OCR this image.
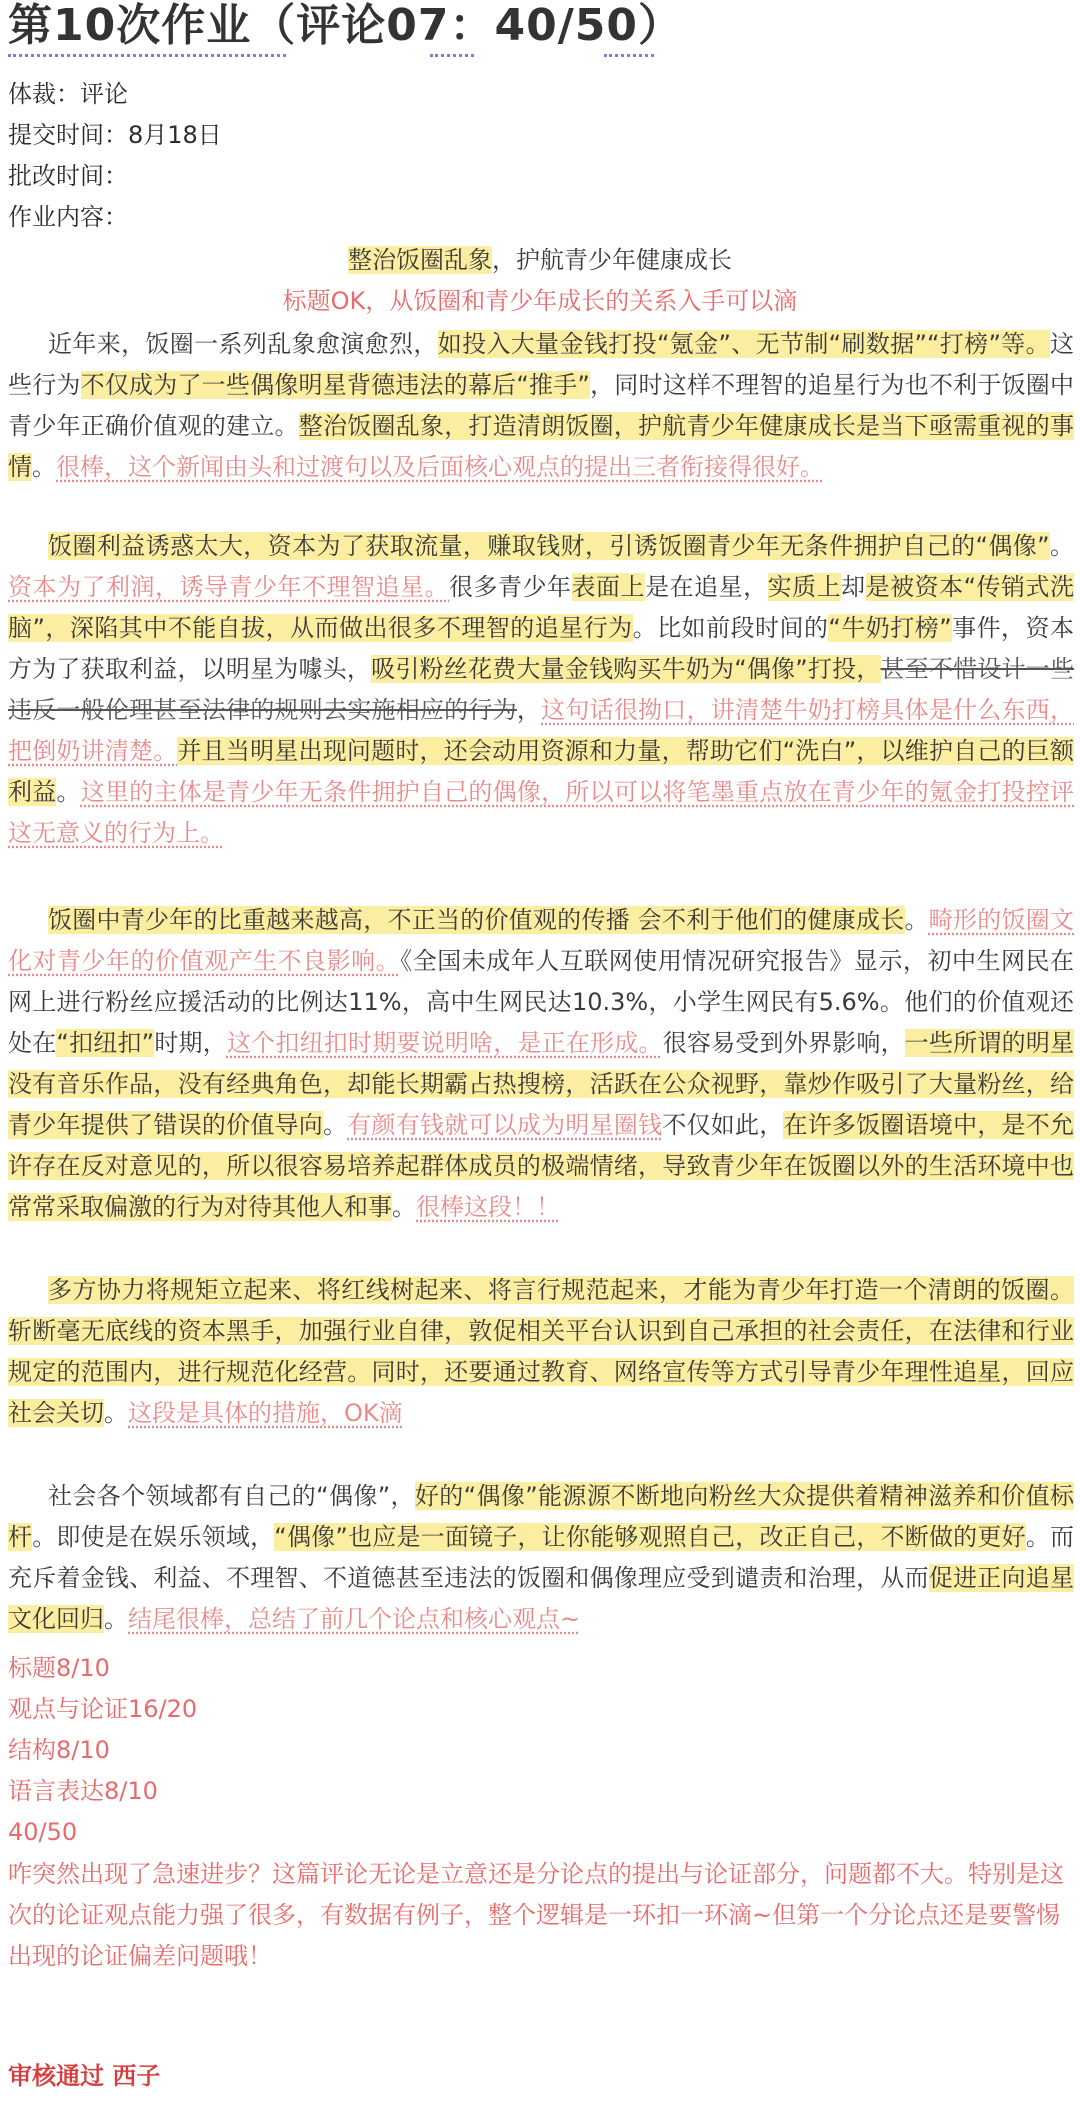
第10次作业（评论07：40/50）
体裁：评论
提交时间：8月18日
批改时间：
作业内容：
整治饭圈乱象，护航青少年健康成长
标题OK，从饭圈和青少年成长的关系入手可以滴
近年来，饭圈一系列乱象愈演愈烈，如投入大量金钱打投“氪金”、无节制“刷数据”“打榜”等。这些行为不仅成为了一些偶像明星背德违法的幕后“推手”，同时这样不理智的追星行为也不利于饭圈中青少年正确价值观的建立。整治饭圈乱象，打造清朗饭圈，护航青少年健康成长是当下亟需重视的事情。很棒，这个新闻由头和过渡句以及后面核心观点的提出三者衔接得很好。
饭圈利益诱惑太大，资本为了获取流量，赚取钱财，引诱饭圈青少年无条件拥护自己的“偶像”。资本为了利润，诱导青少年不理智追星。很多青少年表面上是在追星，实质上却是被资本“传销式洗脑”，深陷其中不能自拔，从而做出很多不理智的追星行为。比如前段时间的“牛奶打榜”事件，资本方为了获取利益，以明星为噱头，吸引粉丝花费大量金钱购买牛奶为“偶像”打投，甚至不惜设计一些违反一般伦理甚至法律的规则去实施相应的行为，这句话很拗口，讲清楚牛奶打榜具体是什么东西，把倒奶讲清楚。并且当明星出现问题时，还会动用资源和力量，帮助它们“洗白”，以维护自己的巨额利益。这里的主体是青少年无条件拥护自己的偶像，所以可以将笔墨重点放在青少年的氪金打投控评这无意义的行为上。
饭圈中青少年的比重越来越高，不正当的价值观的传播 会不利于他们的健康成长。畸形的饭圈文化对青少年的价值观产生不良影响。《全国未成年人互联网使用情况研究报告》显示，初中生网民在网上进行粉丝应援活动的比例达11%，高中生网民达10.3%，小学生网民有5.6%。他们的价值观还处在“扣纽扣”时期，这个扣纽扣时期要说明啥，是正在形成。很容易受到外界影响，一些所谓的明星没有音乐作品，没有经典角色，却能长期霸占热搜榜，活跃在公众视野，靠炒作吸引了大量粉丝，给青少年提供了错误的价值导向。有颜有钱就可以成为明星圈钱不仅如此，在许多饭圈语境中，是不允许存在反对意见的，所以很容易培养起群体成员的极端情绪，导致青少年在饭圈以外的生活环境中也常常采取偏激的行为对待其他人和事。很棒这段！！
多方协力将规矩立起来、将红线树起来、将言行规范起来，才能为青少年打造一个清朗的饭圈。斩断毫无底线的资本黑手，加强行业自律，敦促相关平台认识到自己承担的社会责任，在法律和行业规定的范围内，进行规范化经营。同时，还要通过教育、网络宣传等方式引导青少年理性追星，回应社会关切。这段是具体的措施，OK滴
社会各个领域都有自己的“偶像”，好的“偶像”能源源不断地向粉丝大众提供着精神滋养和价值标杆。即使是在娱乐领域，“偶像”也应是一面镜子，让你能够观照自己，改正自己，不断做的更好。而充斥着金钱、利益、不理智、不道德甚至违法的饭圈和偶像理应受到谴责和治理，从而促进正向追星文化回归。结尾很棒，总结了前几个论点和核心观点~
标题8/10
观点与论证16/20
结构8/10
语言表达8/10
40/50
咋突然出现了急速进步？这篇评论无论是立意还是分论点的提出与论证部分，问题都不大。特别是这次的论证观点能力强了很多，有数据有例子，整个逻辑是一环扣一环滴~但第一个分论点还是要警惕出现的论证偏差问题哦！
审核通过 西子
